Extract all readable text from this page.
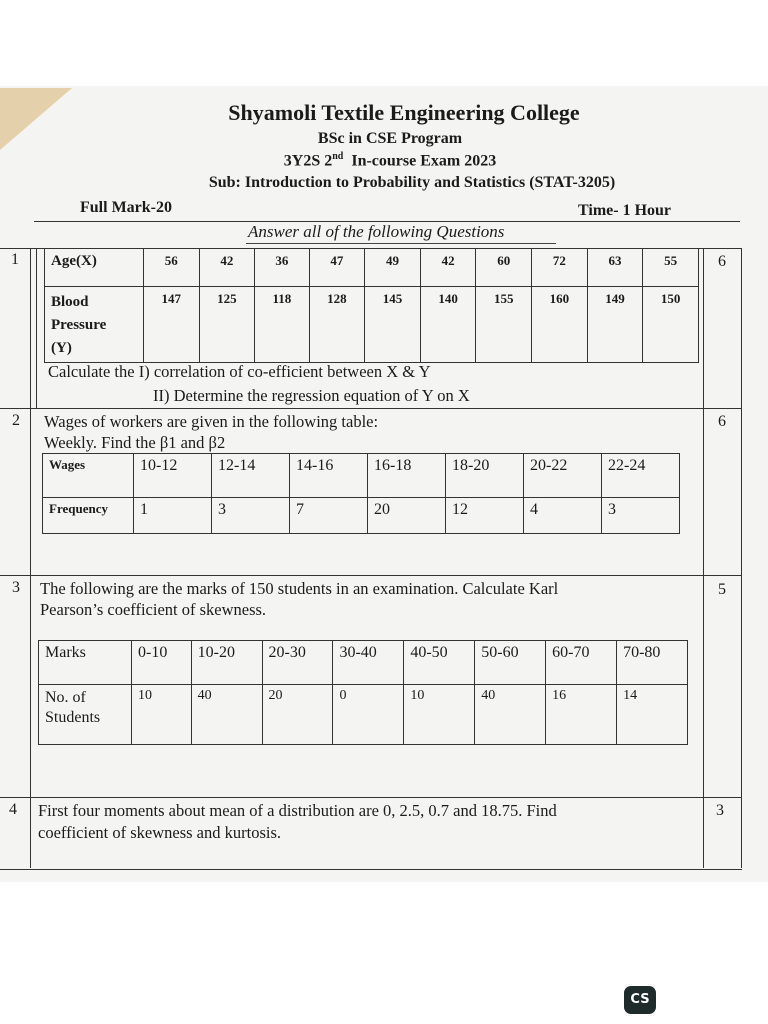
Shyamoli Textile Engineering College
BSc in CSE Program
3Y2S 2nd In-course Exam 2023
Sub: Introduction to Probability and Statistics (STAT-3205)
Full Mark-20	Time- 1 Hour
Answer all of the following Questions
1	6
Age(X)	56	42	36	47	49	42	60	72	63	55
Blood
Pressure
(Y)	147	125	118	128	145	140	155	160	149	150
Calculate the I) correlation of co-efficient between X & Y
II) Determine the regression equation of Y on X
2	6
Wages of workers are given in the following table:
Weekly. Find the β1 and β2
Wages	10-12	12-14	14-16	16-18	18-20	20-22	22-24
Frequency	1	3	7	20	12	4	3
3	5
The following are the marks of 150 students in an examination. Calculate Karl
Pearson’s coefficient of skewness.
Marks	0-10	10-20	20-30	30-40	40-50	50-60	60-70	70-80
No. of
Students	10	40	20	0	10	40	16	14
4	3
First four moments about mean of a distribution are 0, 2.5, 0.7 and 18.75. Find
coefficient of skewness and kurtosis.
CS
